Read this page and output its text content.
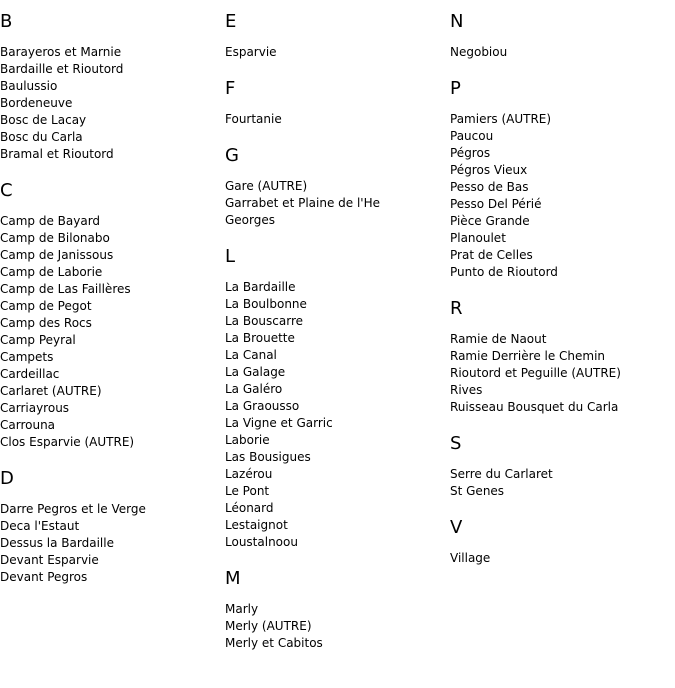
B
Barayeros et Marnie
Bardaille et Rioutord
Baulussio
Bordeneuve
Bosc de Lacay
Bosc du Carla
Bramal et Rioutord
C
Camp de Bayard
Camp de Bilonabo
Camp de Janissous
Camp de Laborie
Camp de Las Faillères
Camp de Pegot
Camp des Rocs
Camp Peyral
Campets
Cardeillac
Carlaret (AUTRE)
Carriayrous
Carrouna
Clos Esparvie (AUTRE)
D
Darre Pegros et le Verge
Deca l'Estaut
Dessus la Bardaille
Devant Esparvie
Devant Pegros
E
Esparvie
F
Fourtanie
G
Gare (AUTRE)
Garrabet et Plaine de l'He
Georges
L
La Bardaille
La Boulbonne
La Bouscarre
La Brouette
La Canal
La Galage
La Galéro
La Graousso
La Vigne et Garric
Laborie
Las Bousigues
Lazérou
Le Pont
Léonard
Lestaignot
Loustalnoou
M
Marly
Merly (AUTRE)
Merly et Cabitos
N
Negobiou
P
Pamiers (AUTRE)
Paucou
Pégros
Pégros Vieux
Pesso de Bas
Pesso Del Périé
Pièce Grande
Planoulet
Prat de Celles
Punto de Rioutord
R
Ramie de Naout
Ramie Derrière le Chemin
Rioutord et Peguille (AUTRE)
Rives
Ruisseau Bousquet du Carla
S
Serre du Carlaret
St Genes
V
Village
